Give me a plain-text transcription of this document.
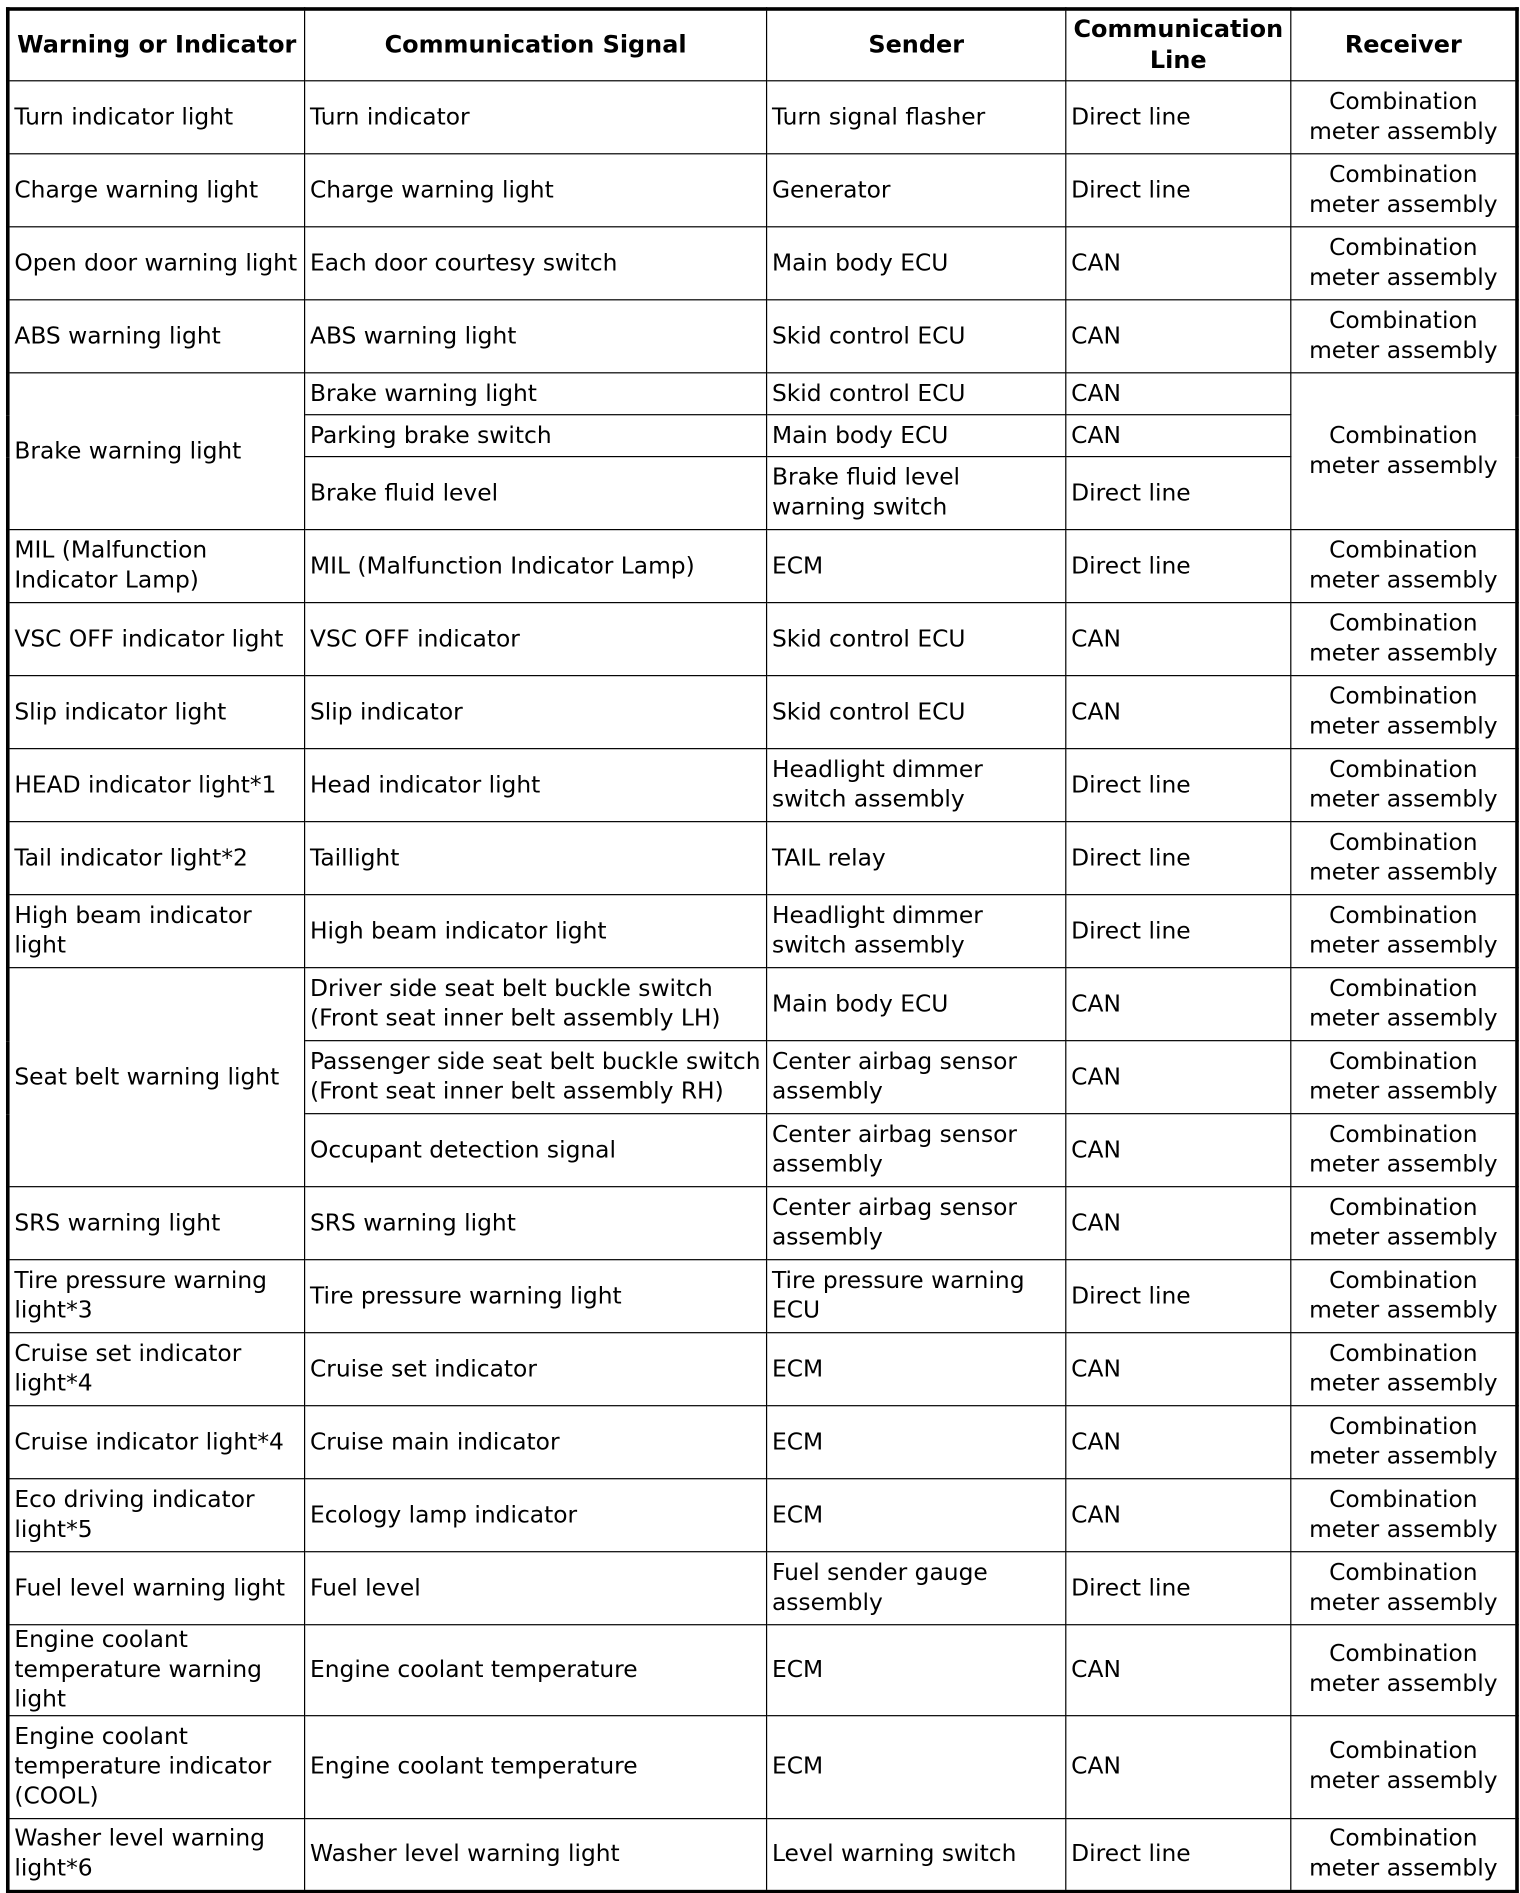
Warning or Indicator	Communication Signal	Sender	Communication Line	Receiver
Turn indicator light	Turn indicator	Turn signal flasher	Direct line	Combination meter assembly
Charge warning light	Charge warning light	Generator	Direct line	Combination meter assembly
Open door warning light	Each door courtesy switch	Main body ECU	CAN	Combination meter assembly
ABS warning light	ABS warning light	Skid control ECU	CAN	Combination meter assembly
Brake warning light	Brake warning light	Skid control ECU	CAN	Combination meter assembly
	Parking brake switch	Main body ECU	CAN	
	Brake fluid level	Brake fluid level warning switch	Direct line	
MIL (Malfunction Indicator Lamp)	MIL (Malfunction Indicator Lamp)	ECM	Direct line	Combination meter assembly
VSC OFF indicator light	VSC OFF indicator	Skid control ECU	CAN	Combination meter assembly
Slip indicator light	Slip indicator	Skid control ECU	CAN	Combination meter assembly
HEAD indicator light*1	Head indicator light	Headlight dimmer switch assembly	Direct line	Combination meter assembly
Tail indicator light*2	Taillight	TAIL relay	Direct line	Combination meter assembly
High beam indicator light	High beam indicator light	Headlight dimmer switch assembly	Direct line	Combination meter assembly
Seat belt warning light	Driver side seat belt buckle switch (Front seat inner belt assembly LH)	Main body ECU	CAN	Combination meter assembly
	Passenger side seat belt buckle switch (Front seat inner belt assembly RH)	Center airbag sensor assembly	CAN	Combination meter assembly
	Occupant detection signal	Center airbag sensor assembly	CAN	Combination meter assembly
SRS warning light	SRS warning light	Center airbag sensor assembly	CAN	Combination meter assembly
Tire pressure warning light*3	Tire pressure warning light	Tire pressure warning ECU	Direct line	Combination meter assembly
Cruise set indicator light*4	Cruise set indicator	ECM	CAN	Combination meter assembly
Cruise indicator light*4	Cruise main indicator	ECM	CAN	Combination meter assembly
Eco driving indicator light*5	Ecology lamp indicator	ECM	CAN	Combination meter assembly
Fuel level warning light	Fuel level	Fuel sender gauge assembly	Direct line	Combination meter assembly
Engine coolant temperature warning light	Engine coolant temperature	ECM	CAN	Combination meter assembly
Engine coolant temperature indicator (COOL)	Engine coolant temperature	ECM	CAN	Combination meter assembly
Washer level warning light*6	Washer level warning light	Level warning switch	Direct line	Combination meter assembly
